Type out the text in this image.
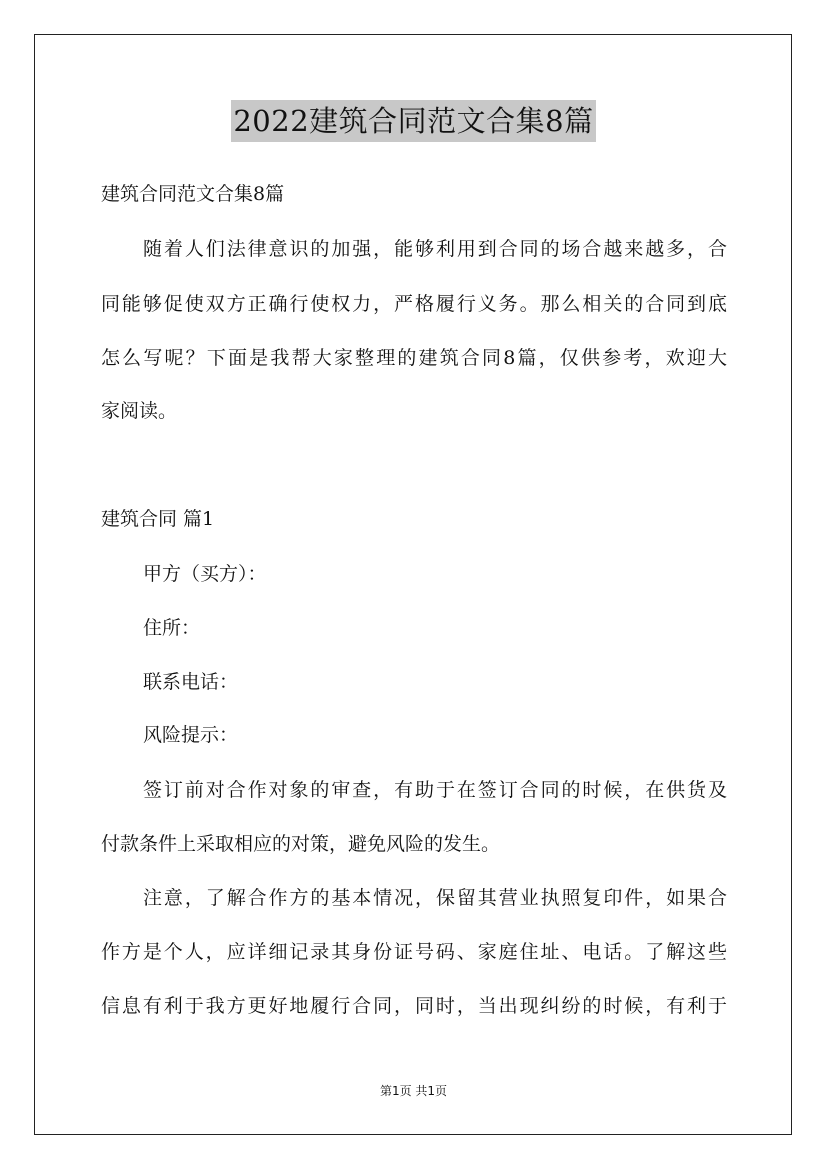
2022建筑合同范文合集8篇
建筑合同范文合集8篇
随着人们法律意识的加强，能够利用到合同的场合越来越多，合
同能够促使双方正确行使权力，严格履行义务。那么相关的合同到底
怎么写呢？下面是我帮大家整理的建筑合同8篇，仅供参考，欢迎大
家阅读。
建筑合同 篇1
甲方（买方）：
住所：
联系电话：
风险提示：
签订前对合作对象的审查，有助于在签订合同的时候，在供货及
付款条件上采取相应的对策，避免风险的发生。
注意，了解合作方的基本情况，保留其营业执照复印件，如果合
作方是个人，应详细记录其身份证号码、家庭住址、电话。了解这些
信息有利于我方更好地履行合同，同时，当出现纠纷的时候，有利于
第1页 共1页
